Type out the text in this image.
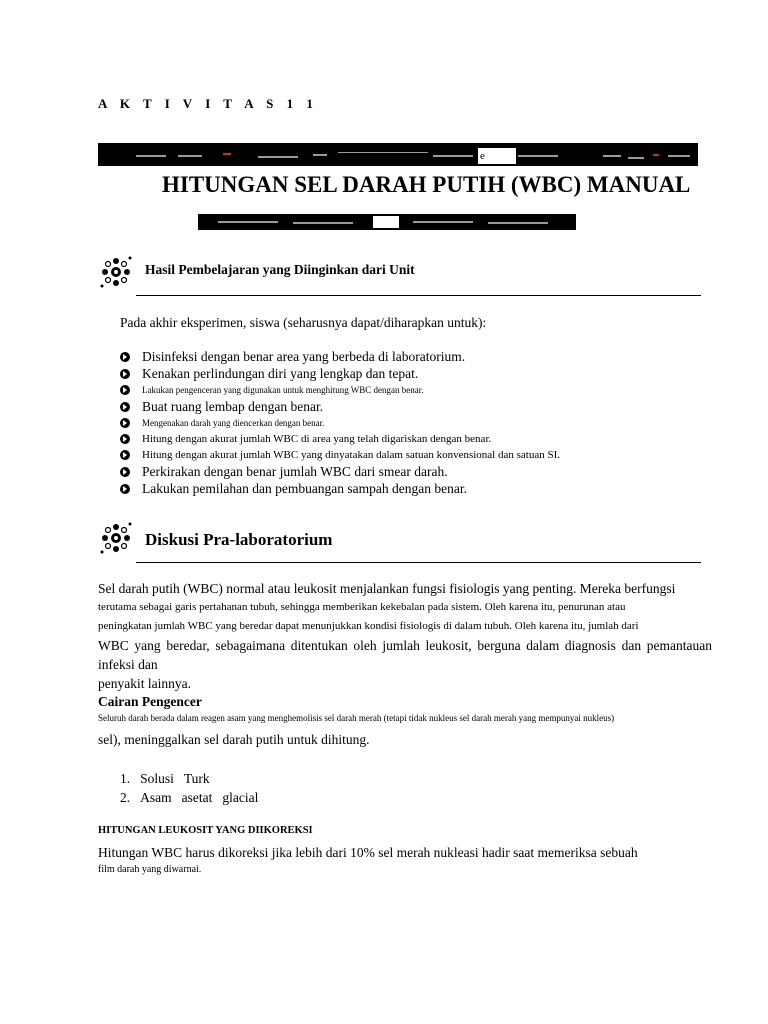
A K T I V I T A S 1 1
e
HITUNGAN SEL DARAH PUTIH (WBC) MANUAL
Hasil Pembelajaran yang Diinginkan dari Unit
Pada akhir eksperimen, siswa (seharusnya dapat/diharapkan untuk):
Disinfeksi dengan benar area yang berbeda di laboratorium.
Kenakan perlindungan diri yang lengkap dan tepat.
Lakukan pengenceran yang digunakan untuk menghitung WBC dengan benar.
Buat ruang lembap dengan benar.
Mengenakan darah yang diencerkan dengan benar.
Hitung dengan akurat jumlah WBC di area yang telah digariskan dengan benar.
Hitung dengan akurat jumlah WBC yang dinyatakan dalam satuan konvensional dan satuan SI.
Perkirakan dengan benar jumlah WBC dari smear darah.
Lakukan pemilahan dan pembuangan sampah dengan benar.
Diskusi Pra-laboratorium
Sel darah putih (WBC) normal atau leukosit menjalankan fungsi fisiologis yang penting. Mereka berfungsi
terutama sebagai garis pertahanan tubuh, sehingga memberikan kekebalan pada sistem. Oleh karena itu, penurunan atau
peningkatan jumlah WBC yang beredar dapat menunjukkan kondisi fisiologis di dalam tubuh. Oleh karena itu, jumlah dari
WBC yang beredar, sebagaimana ditentukan oleh jumlah leukosit, berguna dalam diagnosis dan pemantauan infeksi dan
penyakit lainnya.
Cairan Pengencer
Seluruh darah berada dalam reagen asam yang menghemolisis sel darah merah (tetapi tidak nukleus sel darah merah yang mempunyai nukleus)
sel), meninggalkan sel darah putih untuk dihitung.
1. Solusi Turk
2. Asam asetat glacial
HITUNGAN LEUKOSIT YANG DIIKOREKSI
Hitungan WBC harus dikoreksi jika lebih dari 10% sel merah nukleasi hadir saat memeriksa sebuah
film darah yang diwarnai.
